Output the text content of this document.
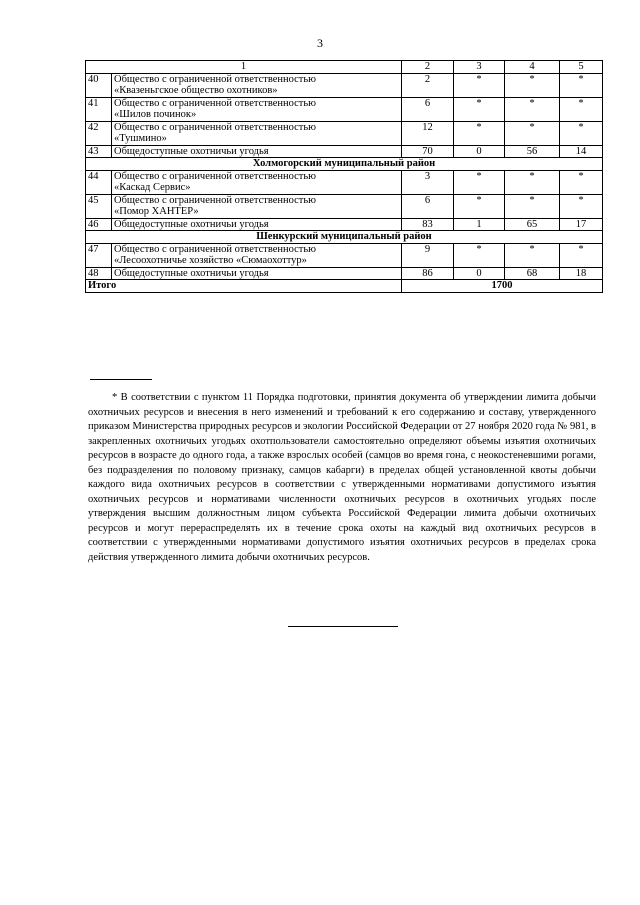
3
1		2	3	4	5
40	Общество с ограниченной ответственностью
«Квазеньгское общество охотников»	2	*	*	*
41	Общество с ограниченной ответственностью
«Шилов починок»	6	*	*	*
42	Общество с ограниченной ответственностью
«Тушмино»	12	*	*	*
43	Общедоступные охотничьи угодья	70	0	56	14
Холмогорский муниципальный район					
44	Общество с ограниченной ответственностью
«Каскад Сервис»	3	*	*	*
45	Общество с ограниченной ответственностью
«Помор ХАНТЕР»	6	*	*	*
46	Общедоступные охотничьи угодья	83	1	65	17
Шенкурский муниципальный район					
47	Общество с ограниченной ответственностью
«Лесоохотничье хозяйство «Сюмаохоттур»	9	*	*	*
48	Общедоступные охотничьи угодья	86	0	68	18
Итого		1700			

* В соответствии с пунктом 11 Порядка подготовки, принятия документа об утверждении лимита добычи охотничьих ресурсов и внесения в него изменений и требований к его содержанию и составу, утвержденного приказом Министерства природных ресурсов и экологии Российской Федерации от 27 ноября 2020 года № 981, в закрепленных охотничьих угодьях охотпользователи самостоятельно определяют объемы изъятия охотничьих ресурсов в возрасте до одного года, а также взрослых особей (самцов во время гона, с неокостеневшими рогами, без подразделения по половому признаку, самцов кабарги) в пределах общей установленной квоты добычи каждого вида охотничьих ресурсов в соответствии с утвержденными нормативами допустимого изъятия охотничьих ресурсов и нормативами численности охотничьих ресурсов в охотничьих угодьях после утверждения высшим должностным лицом субъекта Российской Федерации лимита добычи охотничьих ресурсов и могут перераспределять их в течение срока охоты на каждый вид охотничьих ресурсов в соответствии с утвержденными нормативами допустимого изъятия охотничьих ресурсов в пределах срока действия утвержденного лимита добычи охотничьих ресурсов.
